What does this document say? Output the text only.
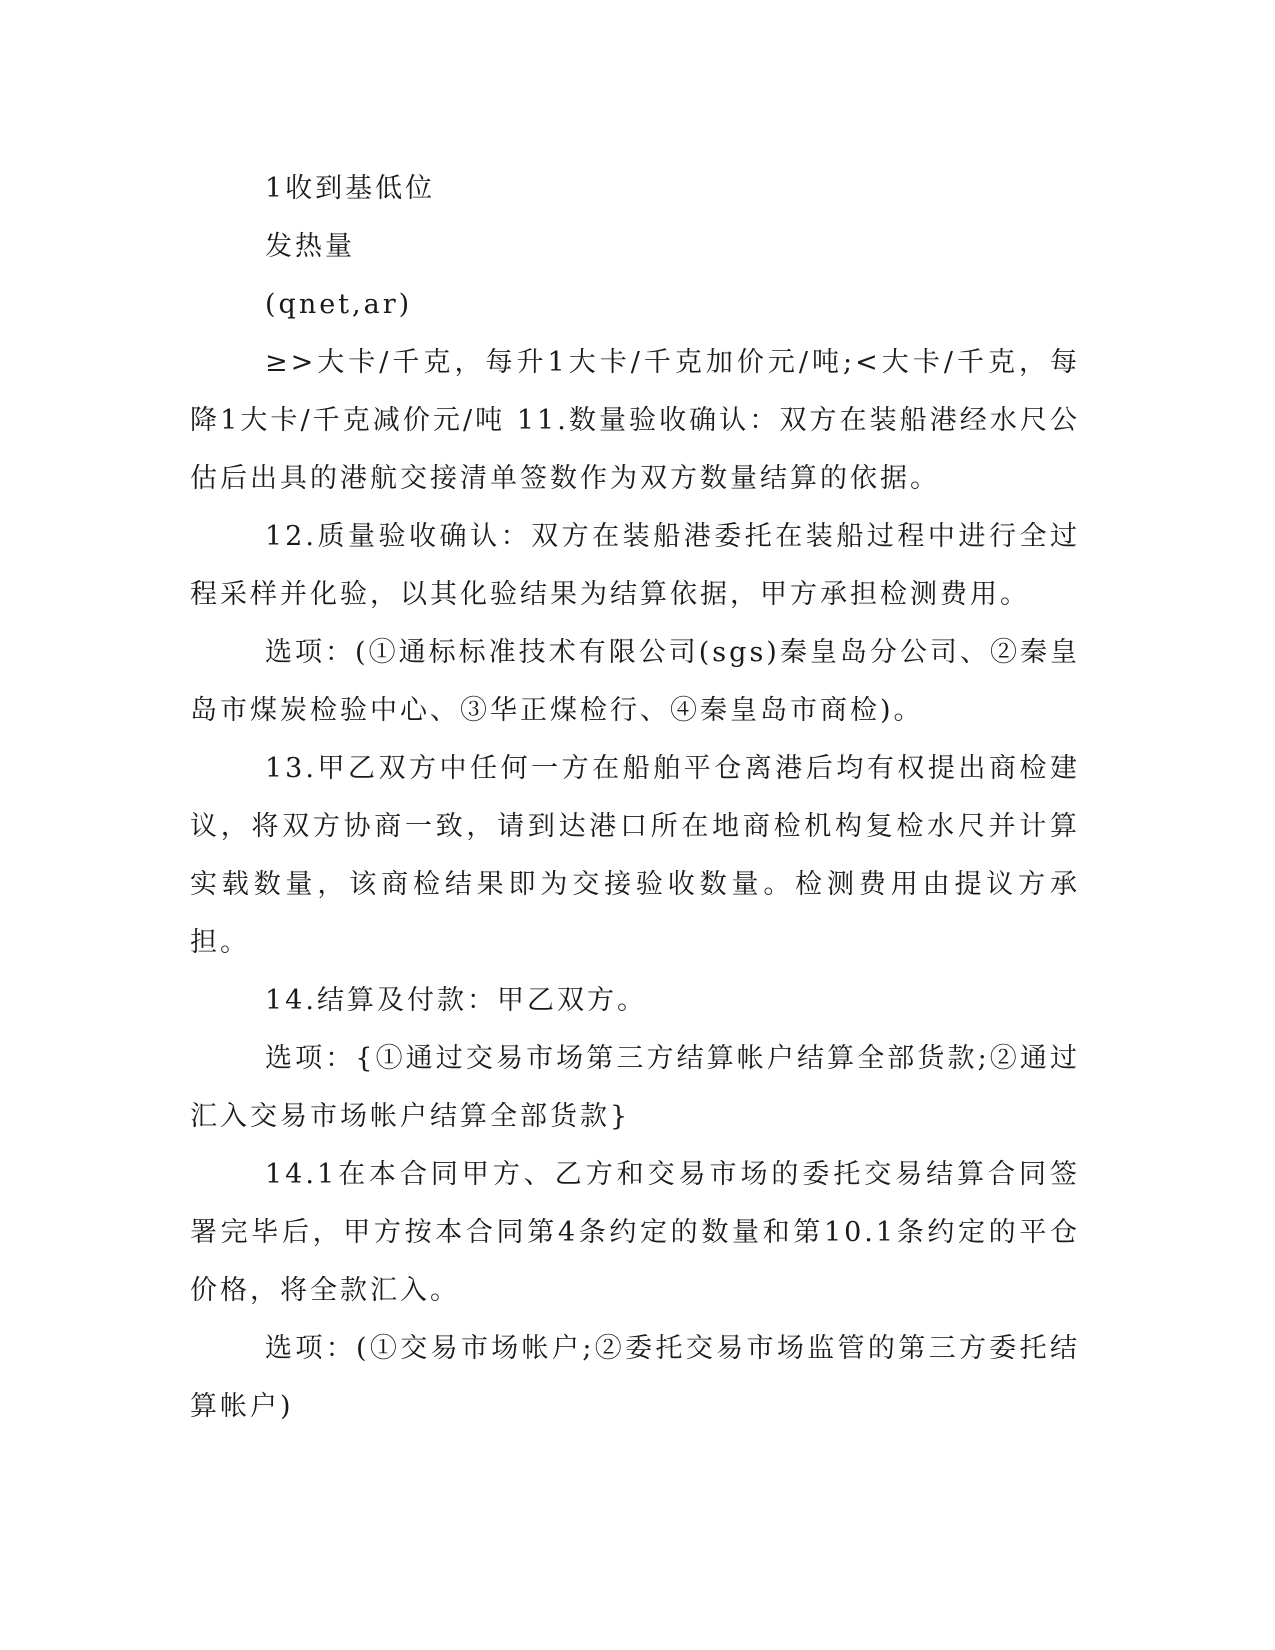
1收到基低位

发热量

(qnet,ar)

≥>大卡/千克，每升1大卡/千克加价元/吨;<大卡/千克，每降1大卡/千克减价元/吨 11.数量验收确认：双方在装船港经水尺公估后出具的港航交接清单签数作为双方数量结算的依据。

12.质量验收确认：双方在装船港委托在装船过程中进行全过程采样并化验，以其化验结果为结算依据，甲方承担检测费用。

选项：(①通标标准技术有限公司(sgs)秦皇岛分公司、②秦皇岛市煤炭检验中心、③华正煤检行、④秦皇岛市商检)。

13.甲乙双方中任何一方在船舶平仓离港后均有权提出商检建议，将双方协商一致，请到达港口所在地商检机构复检水尺并计算实载数量，该商检结果即为交接验收数量。检测费用由提议方承担。

14.结算及付款：甲乙双方。

选项：{①通过交易市场第三方结算帐户结算全部货款;②通过汇入交易市场帐户结算全部货款}

14.1在本合同甲方、乙方和交易市场的委托交易结算合同签署完毕后，甲方按本合同第4条约定的数量和第10.1条约定的平仓价格，将全款汇入。

选项：(①交易市场帐户;②委托交易市场监管的第三方委托结算帐户)
